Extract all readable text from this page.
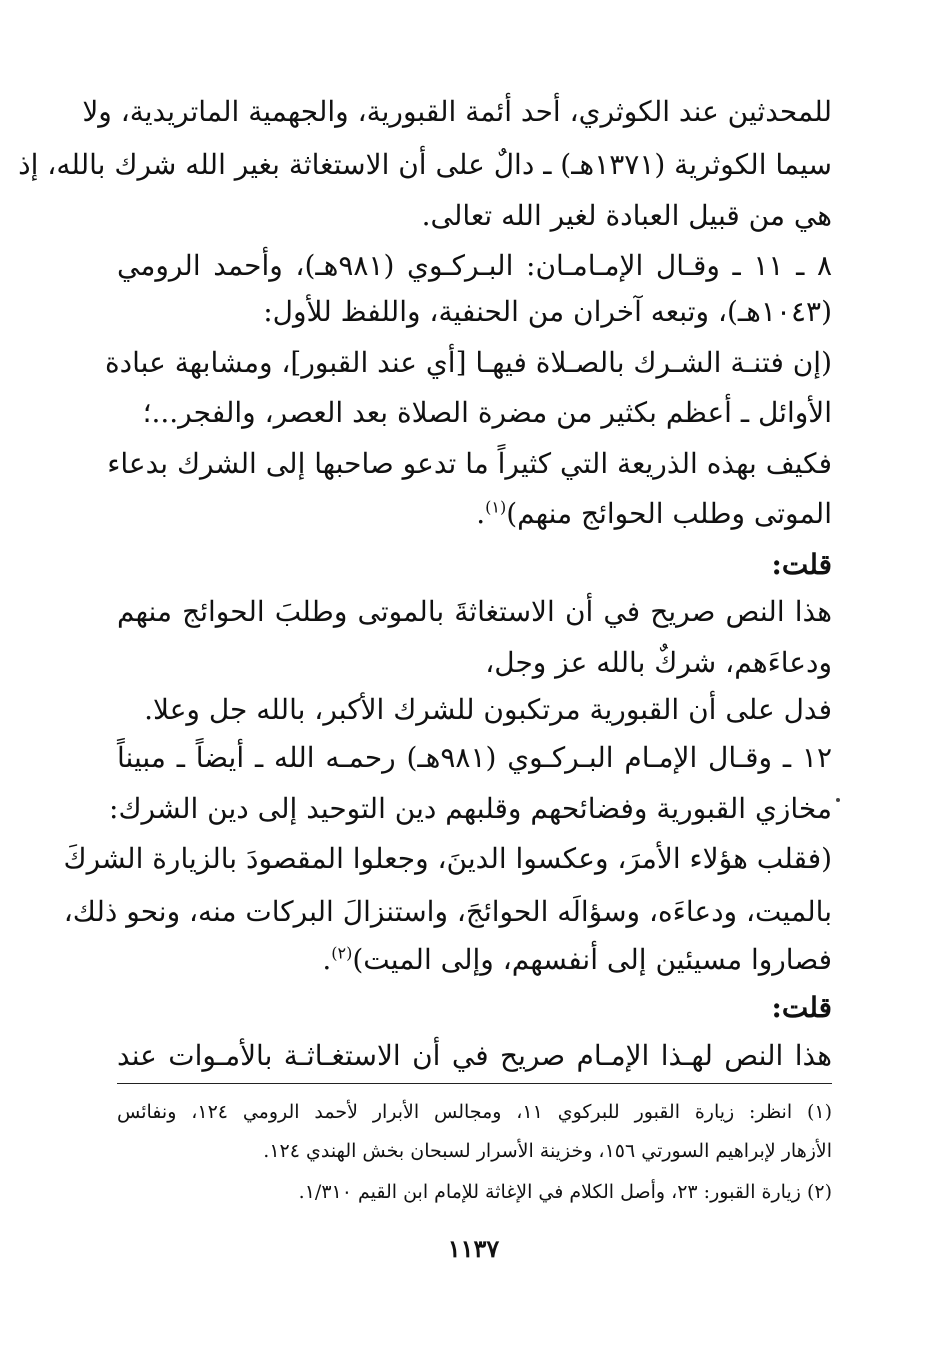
للمحدثين عند الكوثري، أحد أئمة القبورية، والجهمية الماتريدية، ولا
سيما الكوثرية (١٣٧١هـ) ـ دالٌ على أن الاستغاثة بغير الله شرك بالله، إذ
هي من قبيل العبادة لغير الله تعالى.
٨ ـ ١١ ـ وقـال الإمـامـان: البـركـوي (٩٨١هـ)، وأحمد الرومي
(١٠٤٣هـ)، وتبعه آخران من الحنفية، واللفظ للأول:
(إن فتنـة الشـرك بالصـلاة فيهـا [أي عند القبور]، ومشابهة عبادة
الأوائل ـ أعظم بكثير من مضرة الصلاة بعد العصر، والفجر...؛
فكيف بهذه الذريعة التي كثيراً ما تدعو صاحبها إلى الشرك بدعاء
الموتى وطلب الحوائج منهم)$^{(١)}$.
قلت:
هذا النص صريح في أن الاستغاثةَ بالموتى وطلبَ الحوائج منهم
ودعاءَهم، شركٌ بالله عز وجل،
فدل على أن القبورية مرتكبون للشرك الأكبر، بالله جل وعلا.
١٢ ـ وقـال الإمـام البـركـوي (٩٨١هـ) رحمـه الله ـ أيضاً ـ مبيناً
مخازي القبورية وفضائحهم وقلبهم دين التوحيد إلى دين الشرك:
(فقلب هؤلاء الأمرَ، وعكسوا الدينَ، وجعلوا المقصودَ بالزيارة الشركَ
بالميت، ودعاءَه، وسؤالَه الحوائجَ، واستنزالَ البركات منه، ونحو ذلك،
فصاروا مسيئين إلى أنفسهم، وإلى الميت)$^{(٢)}$.
قلت:
هذا النص لهـذا الإمـام صريح في أن الاستغـاثـة بالأمـوات عند
(١) انظر: زيارة القبور للبركوي ١١، ومجالس الأبرار لأحمد الرومي ١٢٤، ونفائس
الأزهار لإبراهيم السورتي ١٥٦، وخزينة الأسرار لسبحان بخش الهندي ١٢٤.
(٢) زيارة القبور: ٢٣، وأصل الكلام في الإغاثة للإمام ابن القيم ١/٣١٠.
١١٣٧
